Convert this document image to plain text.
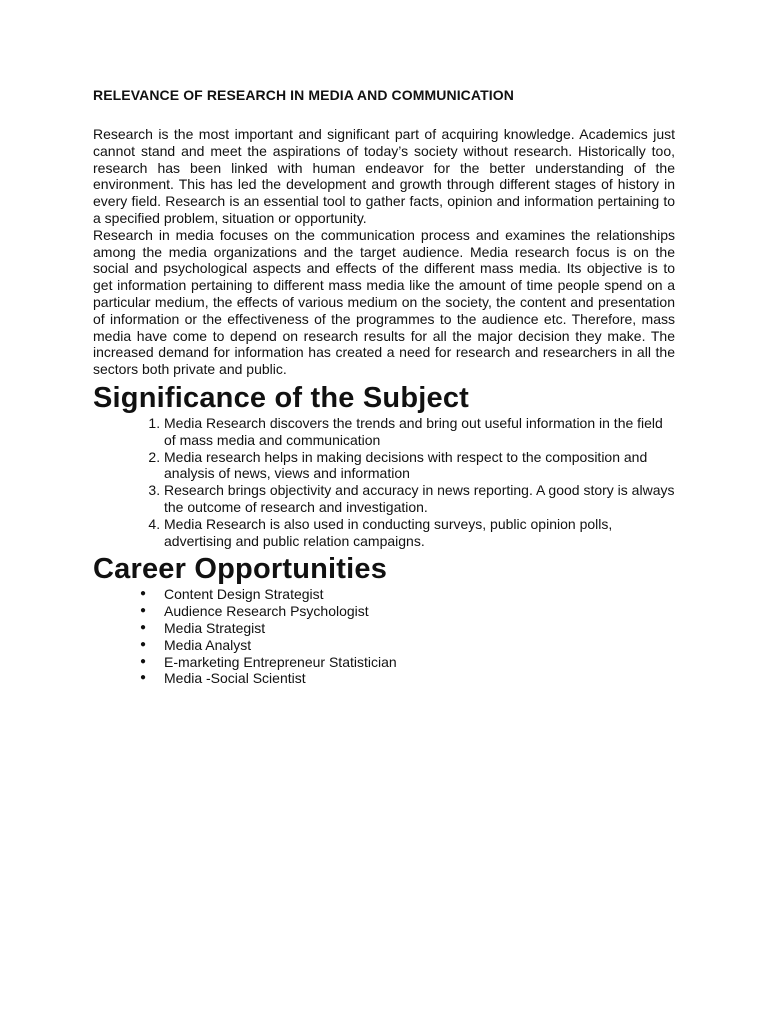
RELEVANCE OF RESEARCH IN MEDIA AND COMMUNICATION

Research is the most important and significant part of acquiring knowledge. Academics just cannot stand and meet the aspirations of today’s society without research. Historically too, research has been linked with human endeavor for the better understanding of the environment. This has led the development and growth through different stages of history in every field. Research is an essential tool to gather facts, opinion and information pertaining to a specified problem, situation or opportunity.

Research in media focuses on the communication process and examines the relationships among the media organizations and the target audience. Media research focus is on the social and psychological aspects and effects of the different mass media. Its objective is to get information pertaining to different mass media like the amount of time people spend on a particular medium, the effects of various medium on the society, the content and presentation of information or the effectiveness of the programmes to the audience etc. Therefore, mass media have come to depend on research results for all the major decision they make. The increased demand for information has created a need for research and researchers in all the sectors both private and public.

Significance of the Subject
1. Media Research discovers the trends and bring out useful information in the field of mass media and communication
2. Media research helps in making decisions with respect to the composition and analysis of news, views and information
3. Research brings objectivity and accuracy in news reporting. A good story is always the outcome of research and investigation.
4. Media Research is also used in conducting surveys, public opinion polls, advertising and public relation campaigns.
Career Opportunities
● Content Design Strategist
● Audience Research Psychologist
● Media Strategist
● Media Analyst
● E-marketing Entrepreneur Statistician
● Media -Social Scientist
